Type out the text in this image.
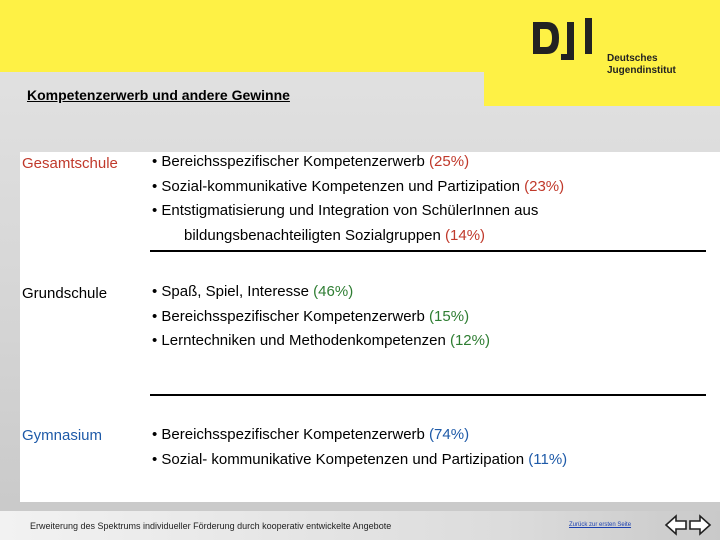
Deutsches
Jugendinstitut
Kompetenzerwerb und andere Gewinne
Gesamtschule • Bereichsspezifischer Kompetenzerwerb (25%)
• Sozial-kommunikative Kompetenzen und Partizipation (23%)
• Entstigmatisierung und Integration von SchülerInnen aus
bildungsbenachteiligten Sozialgruppen (14%)
Grundschule	• Spaß, Spiel, Interesse (46%)
• Bereichsspezifischer Kompetenzerwerb (15%)
• Lerntechniken und Methodenkompetenzen (12%)
Gymnasium	• Bereichsspezifischer Kompetenzerwerb (74%)
• Sozial- kommunikative Kompetenzen und Partizipation (11%)
Erweiterung des Spektrums individueller Förderung durch kooperativ entwickelte Angebote	Zurück zur ersten Seite
